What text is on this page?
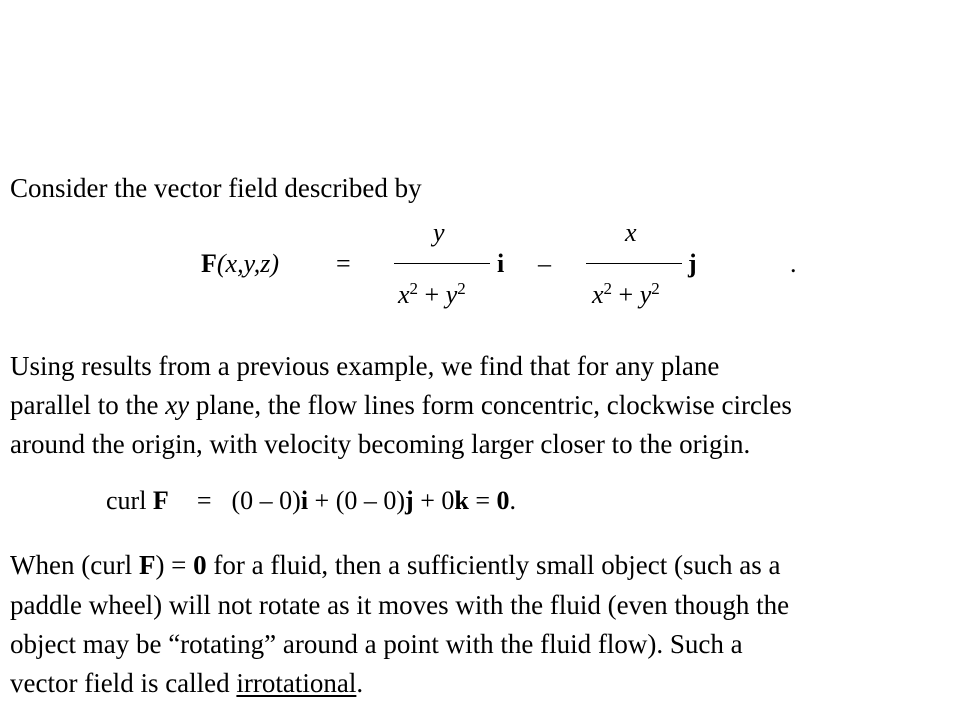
Consider the vector field described by
F(x,y,z) =
y
i
$x^2 + y^2$
–
x
j
$x^2 + y^2$
.
Using results from a previous example, we find that for any plane
parallel to the xy plane, the flow lines form concentric, clockwise circles
around the origin, with velocity becoming larger closer to the origin.
curl F = (0 – 0)i + (0 – 0)j + 0k = 0.
When (curl F) = 0 for a fluid, then a sufficiently small object (such as a
paddle wheel) will not rotate as it moves with the fluid (even though the
object may be “rotating” around a point with the fluid flow). Such a
vector field is called irrotational.
